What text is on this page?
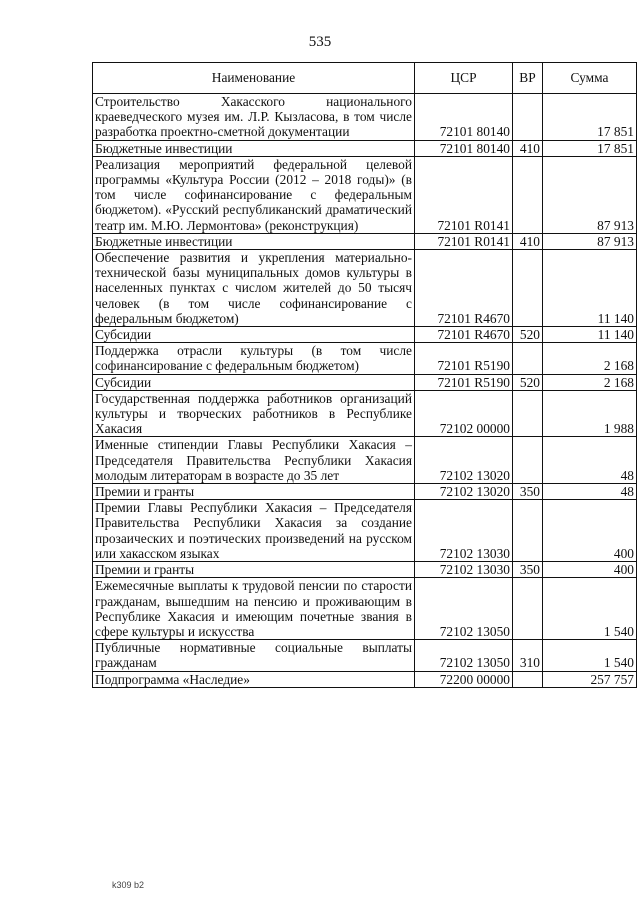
535
Наименование	ЦСР	ВР	Сумма
Строительство Хакасского национального краеведческого музея им. Л.Р. Кызласова, в том числе разработка проектно-сметной документации	72101 80140		17 851
Бюджетные инвестиции	72101 80140	410	17 851
Реализация мероприятий федеральной целевой программы «Культура России (2012 – 2018 годы)» (в том числе софинансирование с федеральным бюджетом). «Русский республиканский драматический театр им. М.Ю. Лермонтова» (реконструкция)	72101 R0141		87 913
Бюджетные инвестиции	72101 R0141	410	87 913
Обеспечение развития и укрепления материально-технической базы муниципальных домов культуры в населенных пунктах с числом жителей до 50 тысяч человек (в том числе софинансирование с федеральным бюджетом)	72101 R4670		11 140
Субсидии	72101 R4670	520	11 140
Поддержка отрасли культуры (в том числе софинансирование с федеральным бюджетом)	72101 R5190		2 168
Субсидии	72101 R5190	520	2 168
Государственная поддержка работников организаций культуры и творческих работников в Республике Хакасия	72102 00000		1 988
Именные стипендии Главы Республики Хакасия – Председателя Правительства Республики Хакасия молодым литераторам в возрасте до 35 лет	72102 13020		48
Премии и гранты	72102 13020	350	48
Премии Главы Республики Хакасия – Председателя Правительства Республики Хакасия за создание прозаических и поэтических произведений на русском или хакасском языках	72102 13030		400
Премии и гранты	72102 13030	350	400
Ежемесячные выплаты к трудовой пенсии по старости гражданам, вышедшим на пенсию и проживающим в Республике Хакасия и имеющим почетные звания в сфере культуры и искусства	72102 13050		1 540
Публичные нормативные социальные выплаты гражданам	72102 13050	310	1 540
Подпрограмма «Наследие»	72200 00000		257 757
k309 b2
